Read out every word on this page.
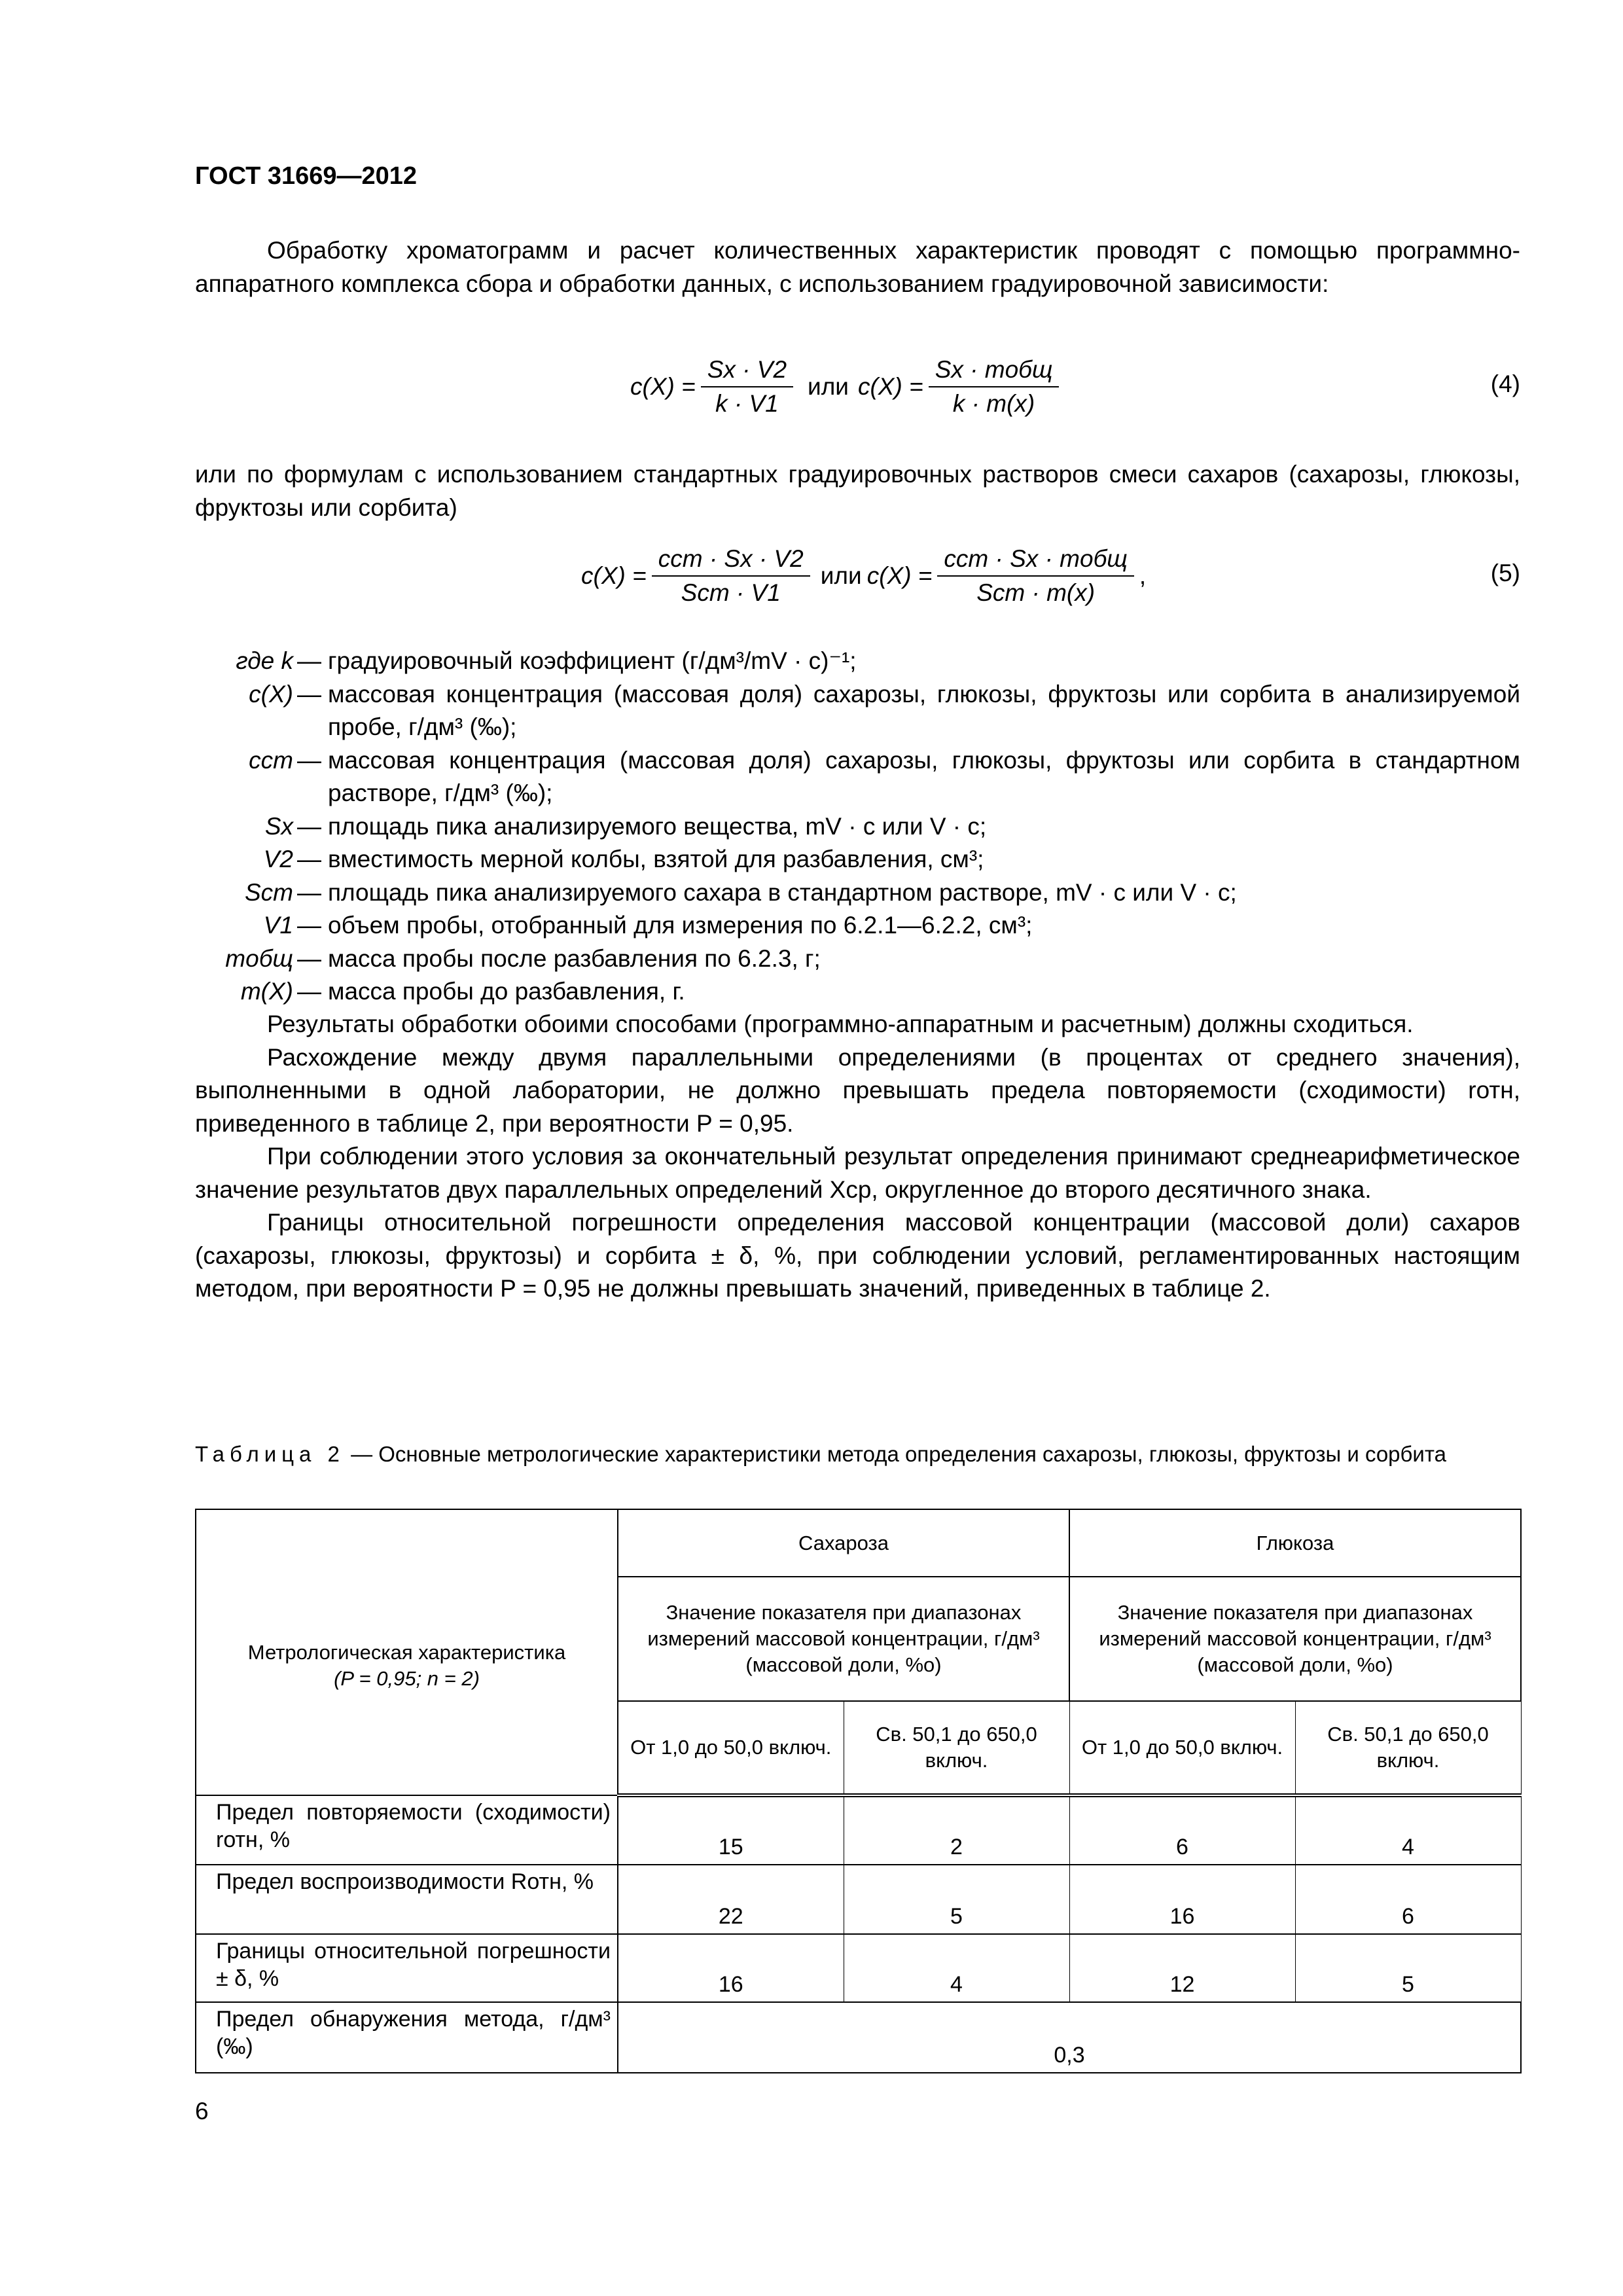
ГОСТ 31669—2012

Обработку хроматограмм и расчет количественных характеристик проводят с помощью программно-аппаратного комплекса сбора и обработки данных, с использованием градуировочной зависимости:

$c(X) = \frac{Sx \cdot V2}{k \cdot V1}$ или $c(X) = \frac{\text{Sx · mобщ}}{k \cdot m(x)}$	(4)

или по формулам с использованием стандартных градуировочных растворов смеси сахаров (сахарозы, глюкозы, фруктозы или сорбита)

$c(X) = \frac{\text{cст · Sx · V2}}{\text{Sст · V1}}$ или $c(X) = \frac{\text{cст · Sx · mобщ}}{\text{Sст · m(x)}}$ ,	(5)
где k — градуировочный коэффициент (г/дм³/mV · с)⁻¹;
c(X) — массовая концентрация (массовая доля) сахарозы, глюкозы, фруктозы или сорбита в анализируемой пробе, г/дм³ (‰);
cст — массовая концентрация (массовая доля) сахарозы, глюкозы, фруктозы или сорбита в стандартном растворе, г/дм³ (‰);
Sx — площадь пика анализируемого вещества, mV · c или V · c;
V2 — вместимость мерной колбы, взятой для разбавления, см³;
Sст — площадь пика анализируемого сахара в стандартном растворе, mV · c или V · c;
V1 — объем пробы, отобранный для измерения по 6.2.1—6.2.2, см³;
mобщ — масса пробы после разбавления по 6.2.3, г;
m(X) — масса пробы до разбавления, г.

Результаты обработки обоими способами (программно-аппаратным и расчетным) должны сходиться.

Расхождение между двумя параллельными определениями (в процентах от среднего значения), выполненными в одной лаборатории, не должно превышать предела повторяемости (сходимости) rотн, приведенного в таблице 2, при вероятности P = 0,95.

При соблюдении этого условия за окончательный результат определения принимают среднеарифметическое значение результатов двух параллельных определений Xср, округленное до второго десятичного знака.

Границы относительной погрешности определения массовой концентрации (массовой доли) сахаров (сахарозы, глюкозы, фруктозы) и сорбита ± δ, %, при соблюдении условий, регламентированных настоящим методом, при вероятности P = 0,95 не должны превышать значений, приведенных в таблице 2.

Таблица 2 — Основные метрологические характеристики метода определения сахарозы, глюкозы, фруктозы и сорбита
Метрологическая характеристика
(P = 0,95; n = 2)	Сахароза		Глюкоза	
	Значение показателя при диапазонах измерений массовой концентрации, г/дм³ (массовой доли, %о)		Значение показателя при диапазонах измерений массовой концентрации, г/дм³ (массовой доли, %о)	
	От 1,0 до 50,0 включ.	Св. 50,1 до 650,0 включ.	От 1,0 до 50,0 включ.	Св. 50,1 до 650,0 включ.
Предел повторяемости (сходимости) rотн, %	15	2	6	4
Предел воспроизводимости Rотн, %	22	5	16	6
Границы относительной погрешности ± δ, %	16	4	12	5
Предел обнаружения метода, г/дм³ (‰)	0,3			
6
